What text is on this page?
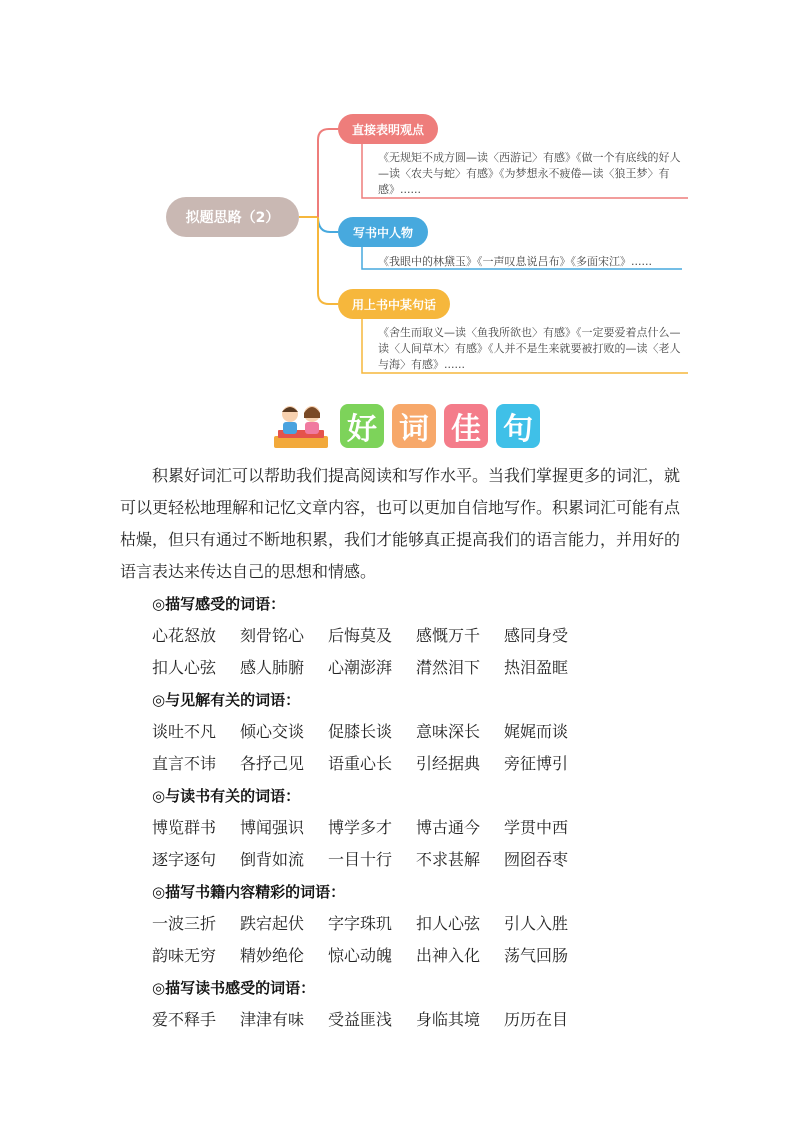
拟题思路（2）
直接表明观点
《无规矩不成方圆—读〈西游记〉有感》《做一个有底线的好人—读〈农夫与蛇〉有感》《为梦想永不疲倦—读〈狼王梦〉有感》......
写书中人物
《我眼中的林黛玉》《一声叹息说吕布》《多面宋江》......
用上书中某句话
《舍生而取义—读〈鱼我所欲也〉有感》《一定要爱着点什么—读〈人间草木〉有感》《人并不是生来就要被打败的—读〈老人与海〉有感》......
好 词 佳 句

积累好词汇可以帮助我们提高阅读和写作水平。当我们掌握更多的词汇，就可以更轻松地理解和记忆文章内容，也可以更加自信地写作。积累词汇可能有点枯燥，但只有通过不断地积累，我们才能够真正提高我们的语言能力，并用好的语言表达来传达自己的思想和情感。

◎描写感受的词语：
心花怒放	刻骨铭心	后悔莫及	感慨万千	感同身受
扣人心弦	感人肺腑	心潮澎湃	潸然泪下	热泪盈眶
◎与见解有关的词语：
谈吐不凡	倾心交谈	促膝长谈	意味深长	娓娓而谈
直言不讳	各抒己见	语重心长	引经据典	旁征博引
◎与读书有关的词语：
博览群书	博闻强识	博学多才	博古通今	学贯中西
逐字逐句	倒背如流	一目十行	不求甚解	囫囵吞枣
◎描写书籍内容精彩的词语：
一波三折	跌宕起伏	字字珠玑	扣人心弦	引人入胜
韵味无穷	精妙绝伦	惊心动魄	出神入化	荡气回肠
◎描写读书感受的词语：
爱不释手	津津有味	受益匪浅	身临其境	历历在目
